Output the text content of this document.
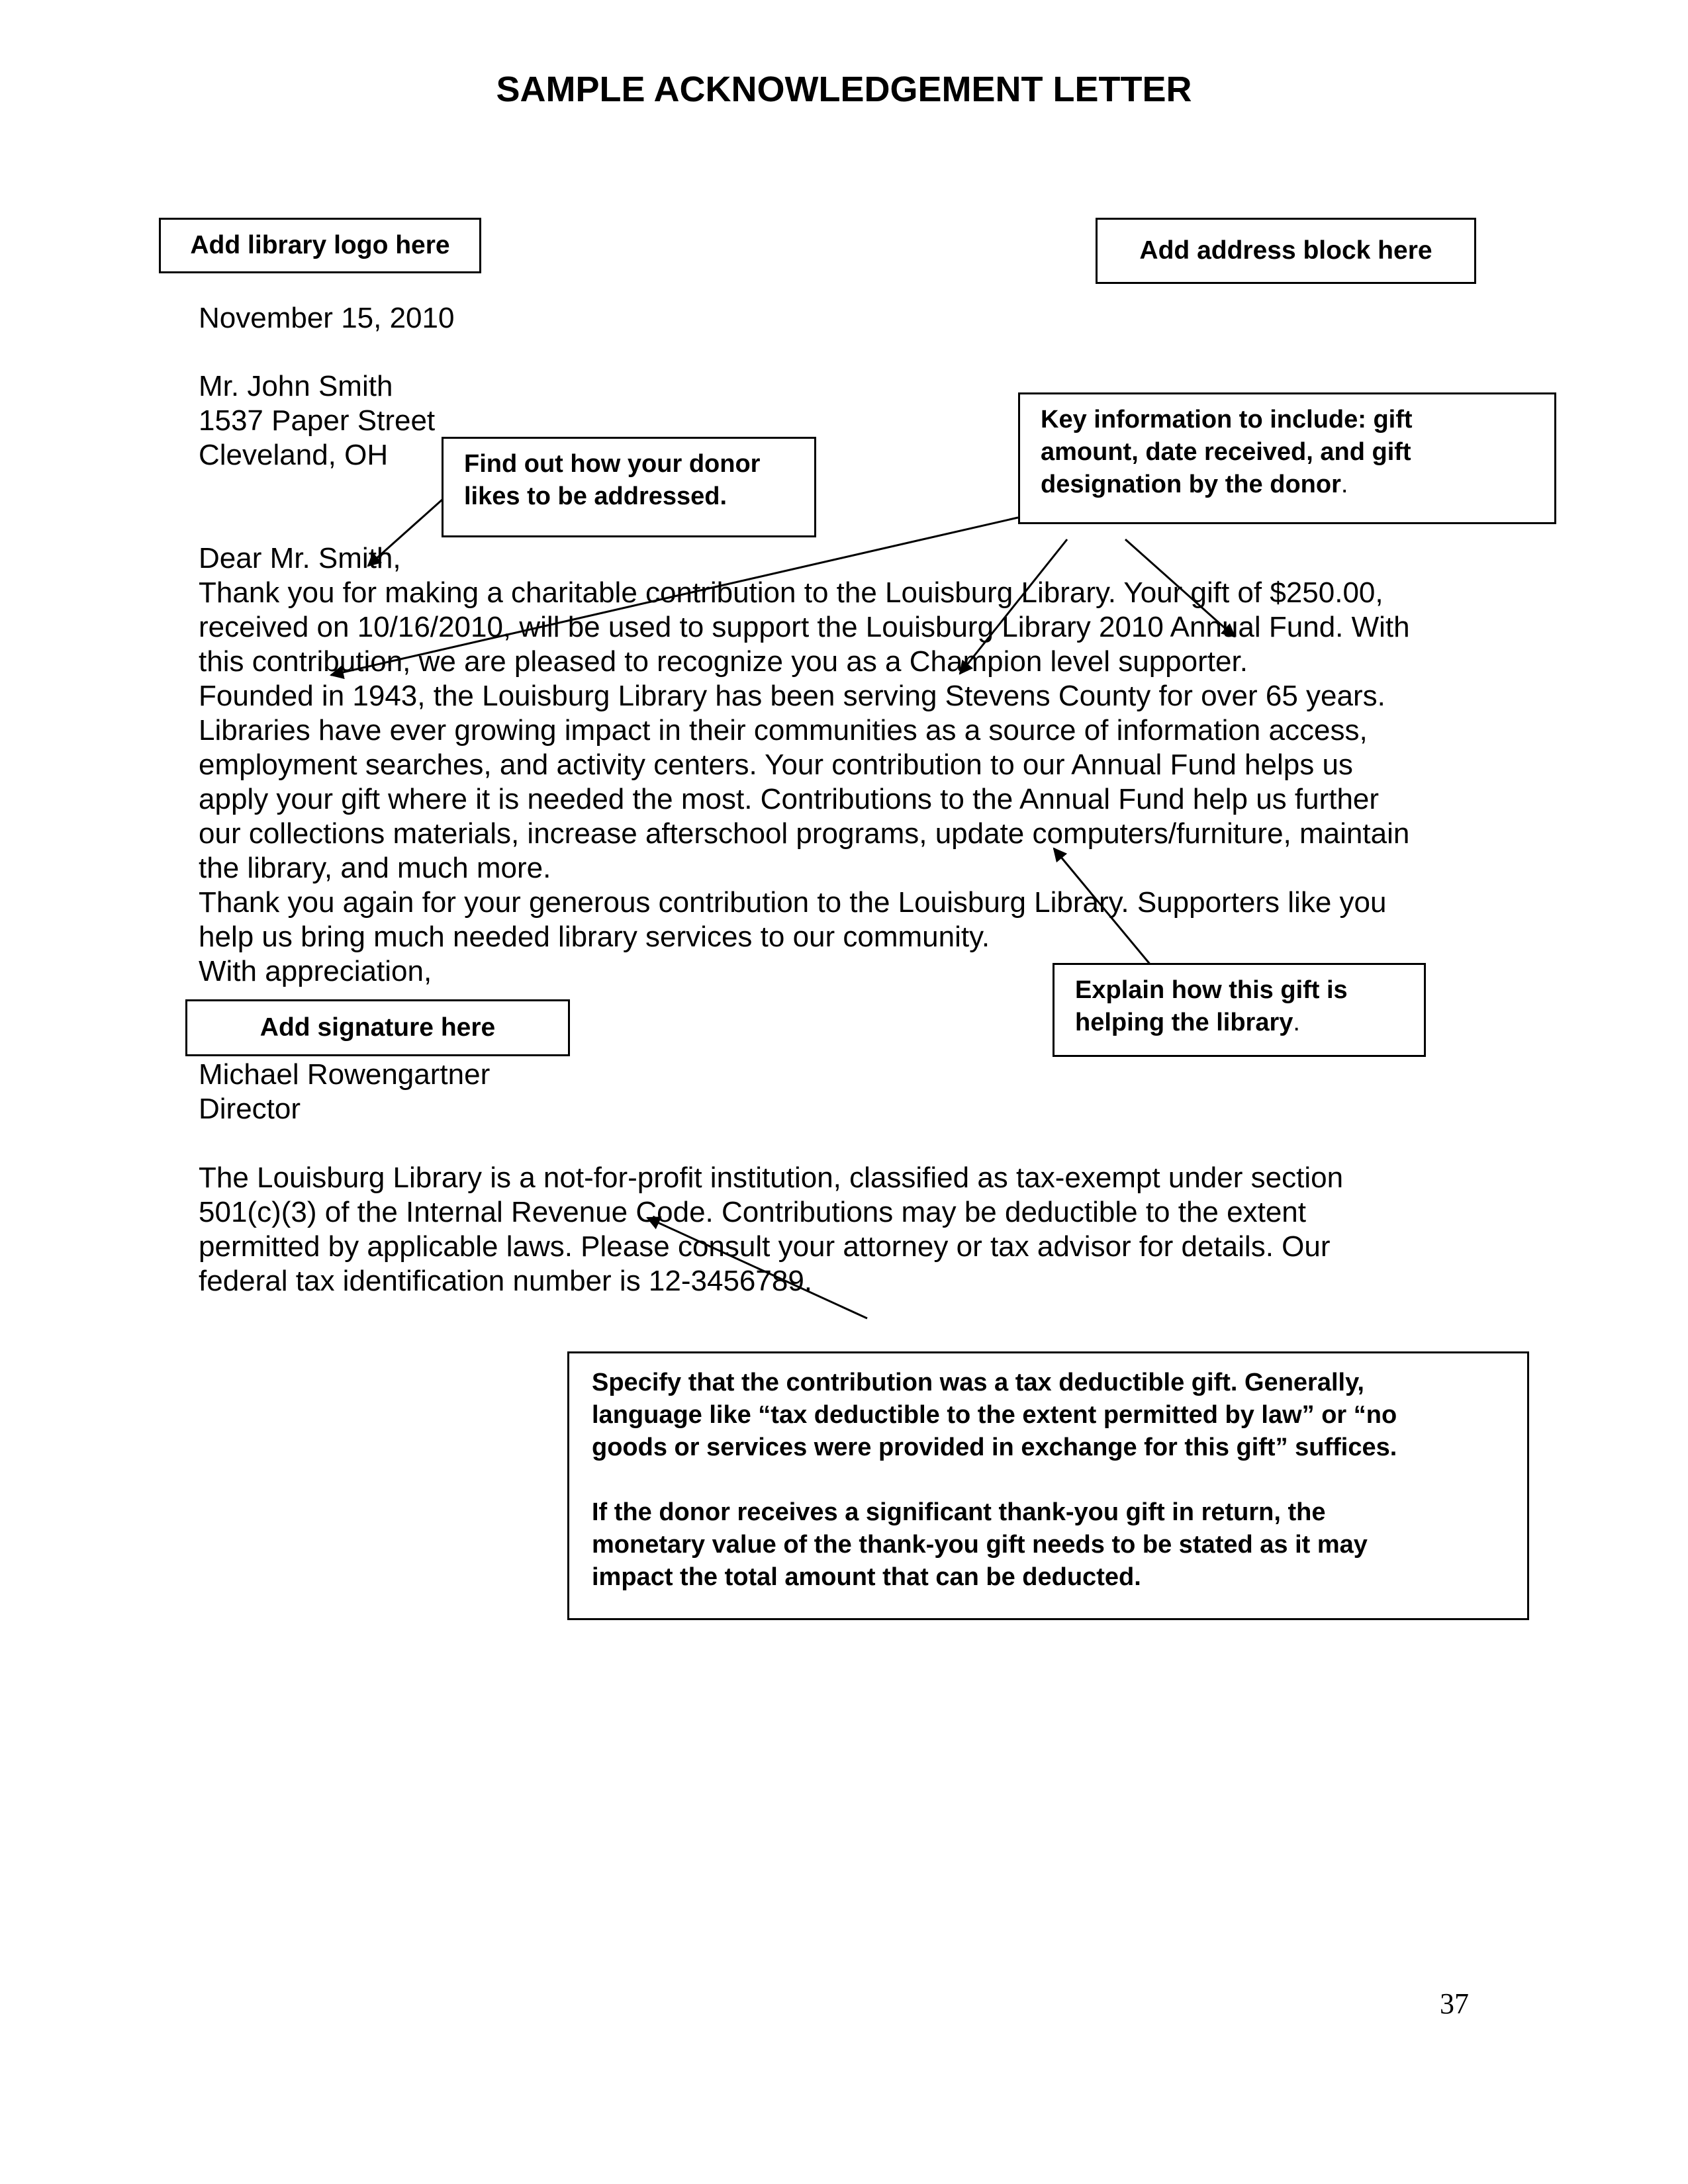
SAMPLE ACKNOWLEDGEMENT LETTER

November 15, 2010

Mr. John Smith

1537 Paper Street

Cleveland, OH

Dear Mr. Smith,

Thank you for making a charitable contribution to the Louisburg Library. Your gift of $250.00,

received on 10/16/2010, will be used to support the Louisburg Library 2010 Annual Fund. With

this contribution, we are pleased to recognize you as a Champion level supporter.

Founded in 1943, the Louisburg Library has been serving Stevens County for over 65 years.

Libraries have ever growing impact in their communities as a source of information access,

employment searches, and activity centers. Your contribution to our Annual Fund helps us

apply your gift where it is needed the most. Contributions to the Annual Fund help us further

our collections materials, increase afterschool programs, update computers/furniture, maintain

the library, and much more.

Thank you again for your generous contribution to the Louisburg Library. Supporters like you

help us bring much needed library services to our community.

With appreciation,

Michael Rowengartner

Director

The Louisburg Library is a not-for-profit institution, classified as tax-exempt under section

501(c)(3) of the Internal Revenue Code. Contributions may be deductible to the extent

permitted by applicable laws. Please consult your attorney or tax advisor for details. Our

federal tax identification number is 12-3456789.

Add library logo here	Add address block here
Key information to include: gift
amount, date received, and gift
designation by the donor.
Find out how your donor
likes to be addressed.
Explain how this gift is
helping the library.
Add signature here
Specify that the contribution was a tax deductible gift. Generally,
language like “tax deductible to the extent permitted by law” or “no
goods or services were provided in exchange for this gift” suffices.
If the donor receives a significant thank-you gift in return, the
monetary value of the thank-you gift needs to be stated as it may
impact the total amount that can be deducted.

37
